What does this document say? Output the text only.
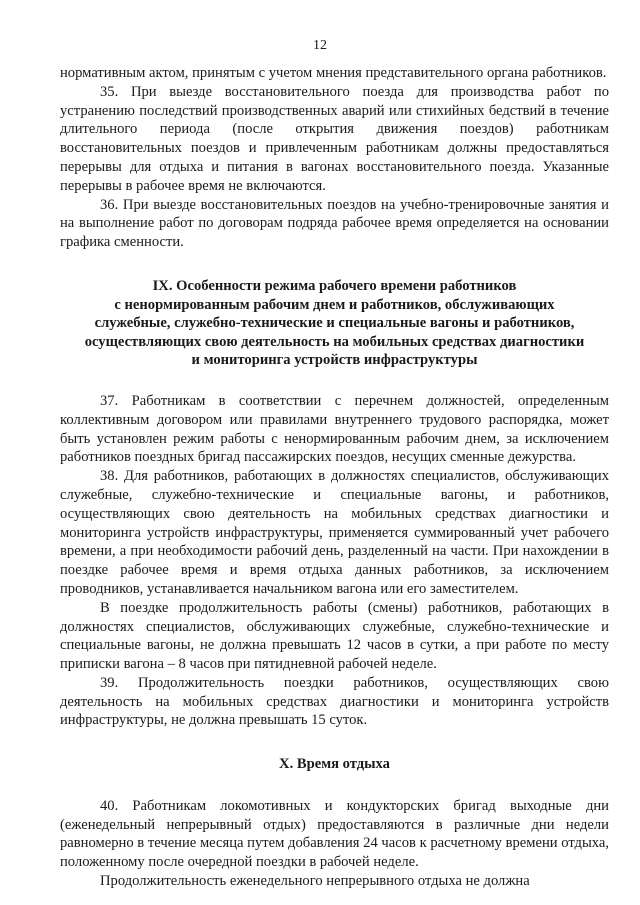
12

нормативным актом, принятым с учетом мнения представительного органа работников.

35. При выезде восстановительного поезда для производства работ по устранению последствий производственных аварий или стихийных бедствий в течение длительного периода (после открытия движения поездов) работникам восстановительных поездов и привлеченным работникам должны предоставляться перерывы для отдыха и питания в вагонах восстановительного поезда. Указанные перерывы в рабочее время не включаются.

36. При выезде восстановительных поездов на учебно-тренировочные занятия и на выполнение работ по договорам подряда рабочее время определяется на основании графика сменности.

IX. Особенности режима рабочего времени работников
с ненормированным рабочим днем и работников, обслуживающих
служебные, служебно-технические и специальные вагоны и работников,
осуществляющих свою деятельность на мобильных средствах диагностики
и мониторинга устройств инфраструктуры

37. Работникам в соответствии с перечнем должностей, определенным коллективным договором или правилами внутреннего трудового распорядка, может быть установлен режим работы с ненормированным рабочим днем, за исключением работников поездных бригад пассажирских поездов, несущих сменные дежурства.

38. Для работников, работающих в должностях специалистов, обслуживающих служебные, служебно-технические и специальные вагоны, и работников, осуществляющих свою деятельность на мобильных средствах диагностики и мониторинга устройств инфраструктуры, применяется суммированный учет рабочего времени, а при необходимости рабочий день, разделенный на части. При нахождении в поездке рабочее время и время отдыха данных работников, за исключением проводников, устанавливается начальником вагона или его заместителем.

В поездке продолжительность работы (смены) работников, работающих в должностях специалистов, обслуживающих служебные, служебно-технические и специальные вагоны, не должна превышать 12 часов в сутки, а при работе по месту приписки вагона – 8 часов при пятидневной рабочей неделе.

39. Продолжительность поездки работников, осуществляющих свою деятельность на мобильных средствах диагностики и мониторинга устройств инфраструктуры, не должна превышать 15 суток.

X. Время отдыха

40. Работникам локомотивных и кондукторских бригад выходные дни (еженедельный непрерывный отдых) предоставляются в различные дни недели равномерно в течение месяца путем добавления 24 часов к расчетному времени отдыха, положенному после очередной поездки в рабочей неделе.

Продолжительность еженедельного непрерывного отдыха не должна
